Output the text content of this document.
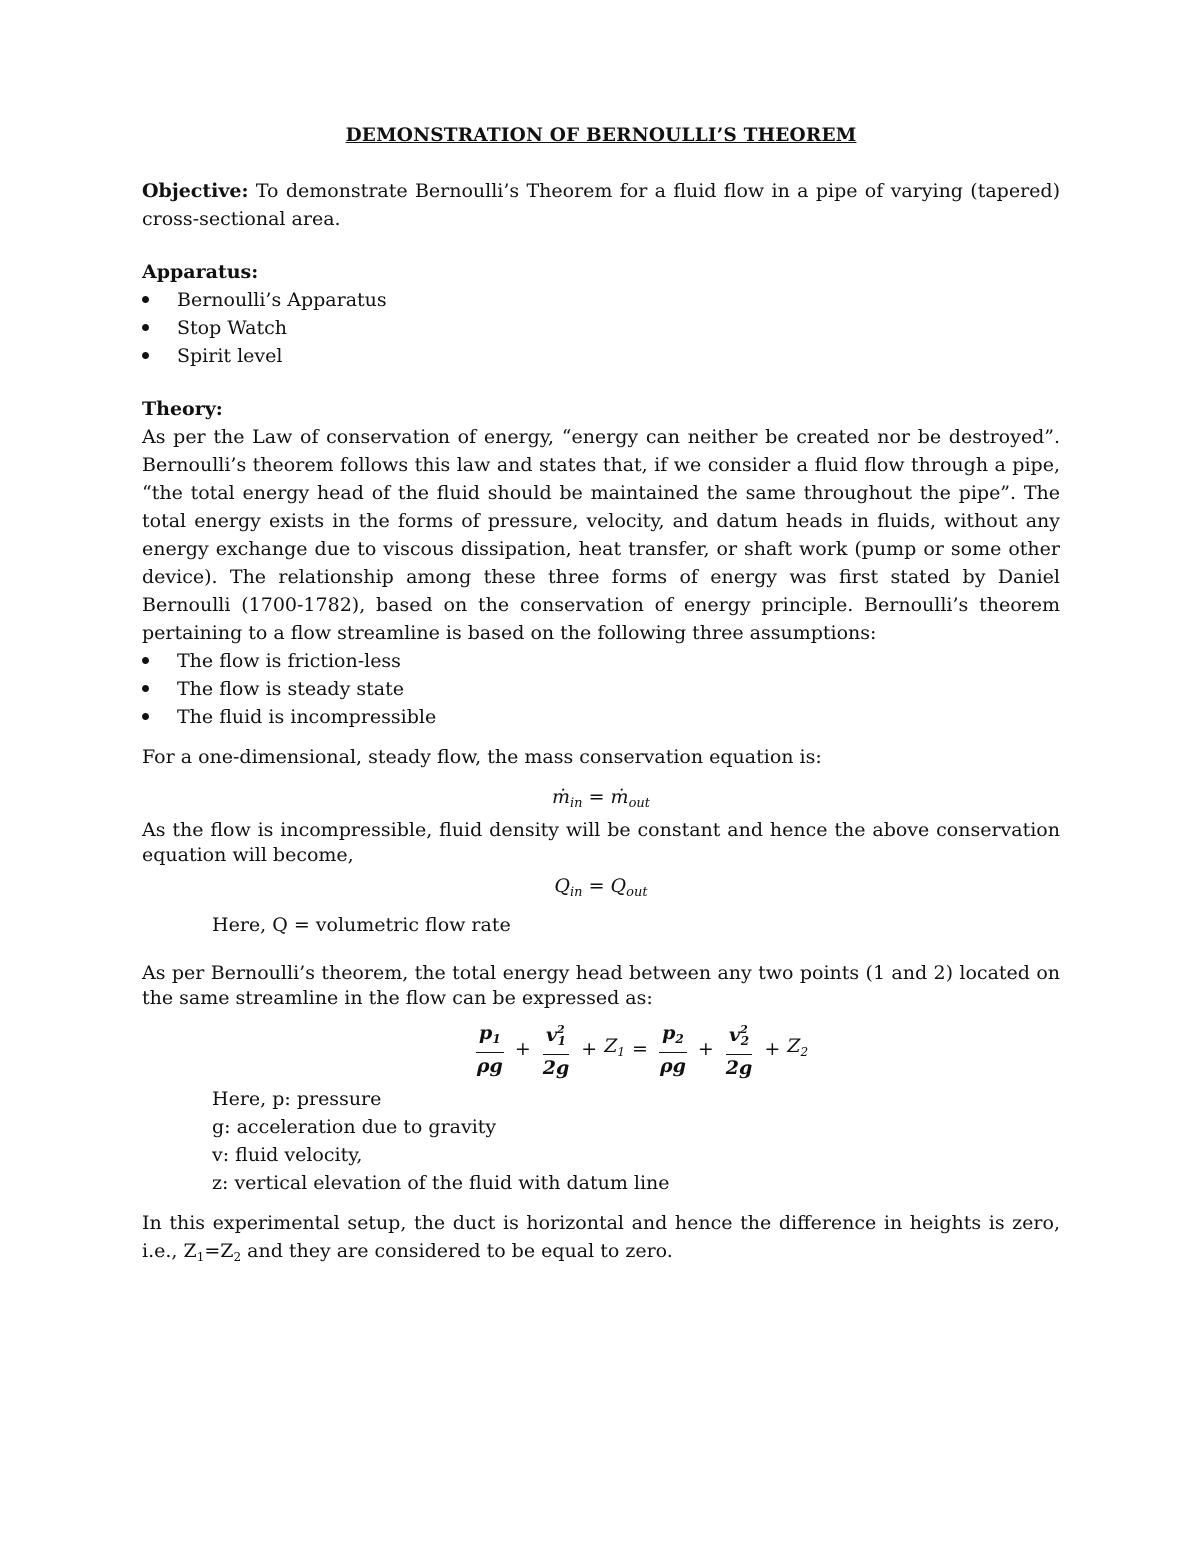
DEMONSTRATION OF BERNOULLI’S THEOREM

Objective: To demonstrate Bernoulli’s Theorem for a fluid flow in a pipe of varying (tapered) cross-sectional area.

Apparatus:

Bernoulli’s Apparatus
Stop Watch
Spirit level

Theory:

As per the Law of conservation of energy, “energy can neither be created nor be destroyed”. Bernoulli’s theorem follows this law and states that, if we consider a fluid flow through a pipe, “the total energy head of the fluid should be maintained the same throughout the pipe”. The total energy exists in the forms of pressure, velocity, and datum heads in fluids, without any energy exchange due to viscous dissipation, heat transfer, or shaft work (pump or some other device). The relationship among these three forms of energy was first stated by Daniel Bernoulli (1700-1782), based on the conservation of energy principle. Bernoulli’s theorem pertaining to a flow streamline is based on the following three assumptions:

The flow is friction-less
The flow is steady state
The fluid is incompressible

For a one-dimensional, steady flow, the mass conservation equation is:

ṁ$_{in}$ = ṁ$_{out}$

As the flow is incompressible, fluid density will be constant and hence the above conservation equation will become,

$Q_{in} = Q_{out}$

Here, Q = volumetric flow rate

As per Bernoulli’s theorem, the total energy head between any two points (1 and 2) located on the same streamline in the flow can be expressed as:

$\frac{p_1}{\rho g} + \frac{v^2_1}{2g} + Z_1 = \frac{p_2}{\rho g} + \frac{v^2_2}{2g} + Z_2$
Here, p: pressure
g: acceleration due to gravity
v: fluid velocity,
z: vertical elevation of the fluid with datum line

In this experimental setup, the duct is horizontal and hence the difference in heights is zero, i.e., $Z_1=Z_2$ and they are considered to be equal to zero.
